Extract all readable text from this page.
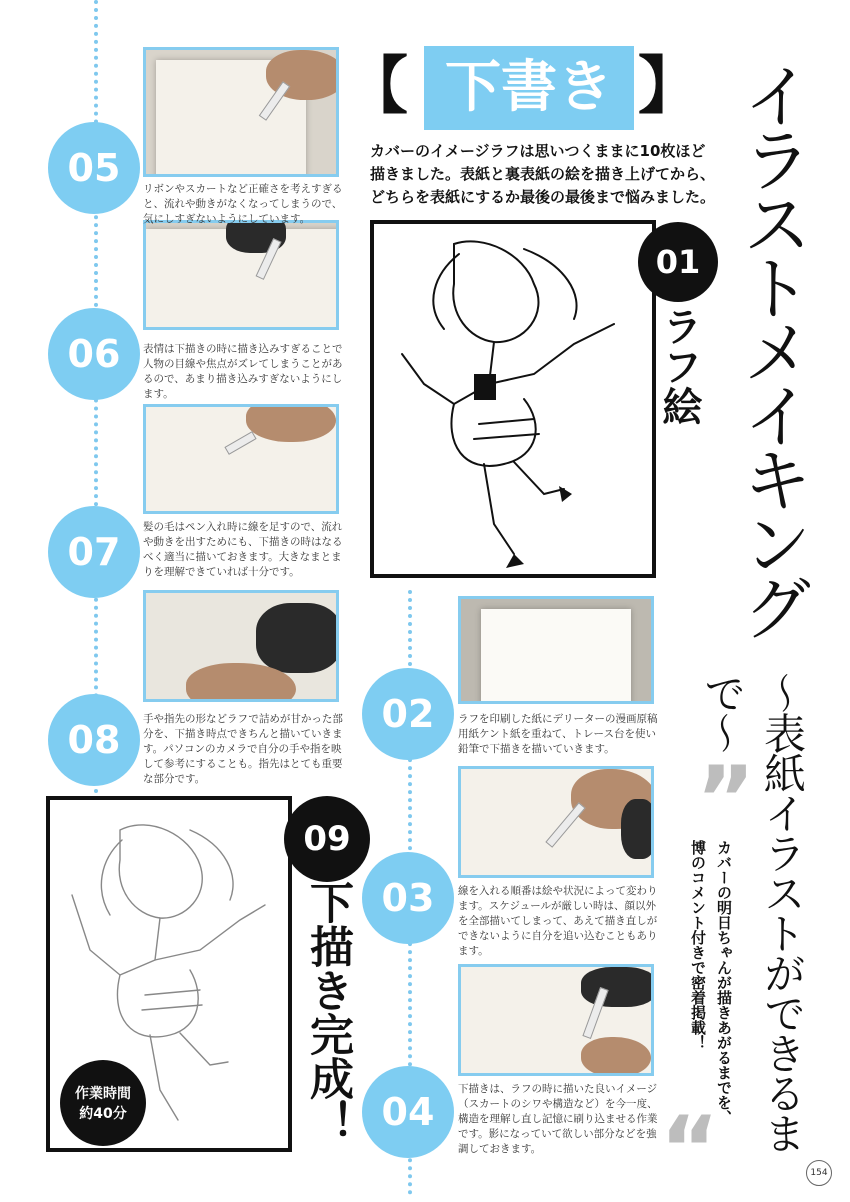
【 下書き 】
カバーのイメージラフは思いつくままに10枚ほど描きました。表紙と裏表紙の絵を描き上げてから、どちらを表紙にするか最後の最後まで悩みました。 イラストメイキング
～表紙イラストができるまで～
”
カバーの明日ちゃんが描きあがるまでを、
博のコメント付きで密着掲載！
“
01
ラフ絵
05
06
07
08
02
03
04
リボンやスカートなど正確さを考えすぎると、流れや動きがなくなってしまうので、気にしすぎないようにしています。
表情は下描きの時に描き込みすぎることで人物の目線や焦点がズレてしまうことがあるので、あまり描き込みすぎないようにします。
髪の毛はペン入れ時に線を足すので、流れや動きを出すためにも、下描きの時はなるべく適当に描いておきます。大きなまとまりを理解できていれば十分です。
手や指先の形などラフで詰めが甘かった部分を、下描き時点できちんと描いていきます。パソコンのカメラで自分の手や指を映して参考にすることも。指先はとても重要な部分です。
ラフを印刷した紙にデリーターの漫画原稿用紙ケント紙を重ねて、トレース台を使い鉛筆で下描きを描いていきます。
線を入れる順番は絵や状況によって変わります。スケジュールが厳しい時は、顔以外を全部描いてしまって、あえて描き直しができないように自分を追い込むこともあります。
下描きは、ラフの時に描いた良いイメージ（スカートのシワや構造など）を今一度、構造を理解し直し記憶に刷り込ませる作業です。影になっていて欲しい部分などを強調しておきます。
作業時間
約40分
09
下描き完成！
154
